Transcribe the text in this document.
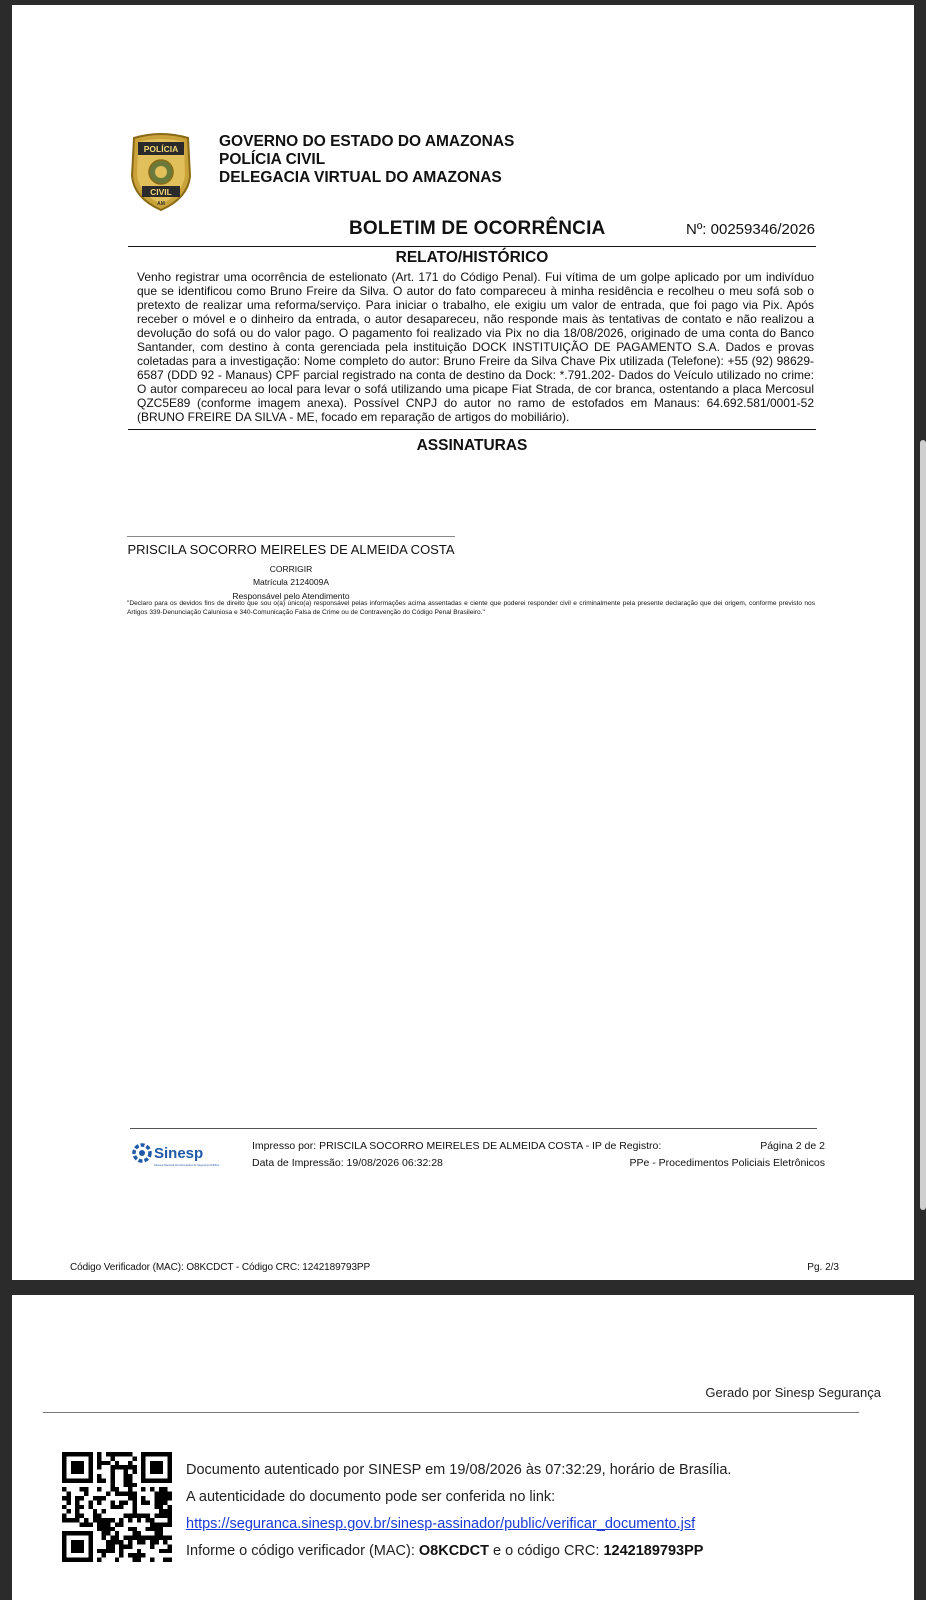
POLÍCIA
CIVIL
AM
GOVERNO DO ESTADO DO AMAZONAS
POLÍCIA CIVIL
DELEGACIA VIRTUAL DO AMAZONAS
BOLETIM DE OCORRÊNCIA	Nº: 00259346/2026
RELATO/HISTÓRICO
Venho registrar uma ocorrência de estelionato (Art. 171 do Código Penal). Fui vítima de um golpe aplicado por um indivíduo que se identificou como Bruno Freire da Silva. O autor do fato compareceu à minha residência e recolheu o meu sofá sob o pretexto de realizar uma reforma/serviço. Para iniciar o trabalho, ele exigiu um valor de entrada, que foi pago via Pix. Após receber o móvel e o dinheiro da entrada, o autor desapareceu, não responde mais às tentativas de contato e não realizou a devolução do sofá ou do valor pago. O pagamento foi realizado via Pix no dia 18/08/2026, originado de uma conta do Banco Santander, com destino à conta gerenciada pela instituição DOCK INSTITUIÇÃO DE PAGAMENTO S.A. Dados e provas coletadas para a investigação: Nome completo do autor: Bruno Freire da Silva Chave Pix utilizada (Telefone): +55 (92) 98629-6587 (DDD 92 - Manaus) CPF parcial registrado na conta de destino da Dock: *.791.202- Dados do Veículo utilizado no crime: O autor compareceu ao local para levar o sofá utilizando uma picape Fiat Strada, de cor branca, ostentando a placa Mercosul QZC5E89 (conforme imagem anexa). Possível CNPJ do autor no ramo de estofados em Manaus: 64.692.581/0001-52 (BRUNO FREIRE DA SILVA - ME, focado em reparação de artigos do mobiliário).
ASSINATURAS
PRISCILA SOCORRO MEIRELES DE ALMEIDA COSTA
CORRIGIR
Matrícula 2124009A
Responsável pelo Atendimento
"Declaro para os devidos fins de direito que sou o(a) único(a) responsável pelas informações acima assentadas e ciente que poderei responder civil e criminalmente pela presente declaração que dei origem, conforme previsto nos Artigos 339-Denunciação Caluniosa e 340-Comunicação Falsa de Crime ou de Contravenção do Código Penal Brasileiro."
Sinesp
Sistema Nacional de Informações de Segurança Pública
Impresso por: PRISCILA SOCORRO MEIRELES DE ALMEIDA COSTA - IP de Registro:
Data de Impressão: 19/08/2026 06:32:28
Página 2 de 2
PPe - Procedimentos Policiais Eletrônicos
Código Verificador (MAC): O8KCDCT - Código CRC: 1242189793PP	Pg. 2/3
Gerado por Sinesp Segurança
Documento autenticado por SINESP em 19/08/2026 às 07:32:29, horário de Brasília.
A autenticidade do documento pode ser conferida no link:
https://seguranca.sinesp.gov.br/sinesp-assinador/public/verificar_documento.jsf
Informe o código verificador (MAC): O8KCDCT e o código CRC: 1242189793PP
